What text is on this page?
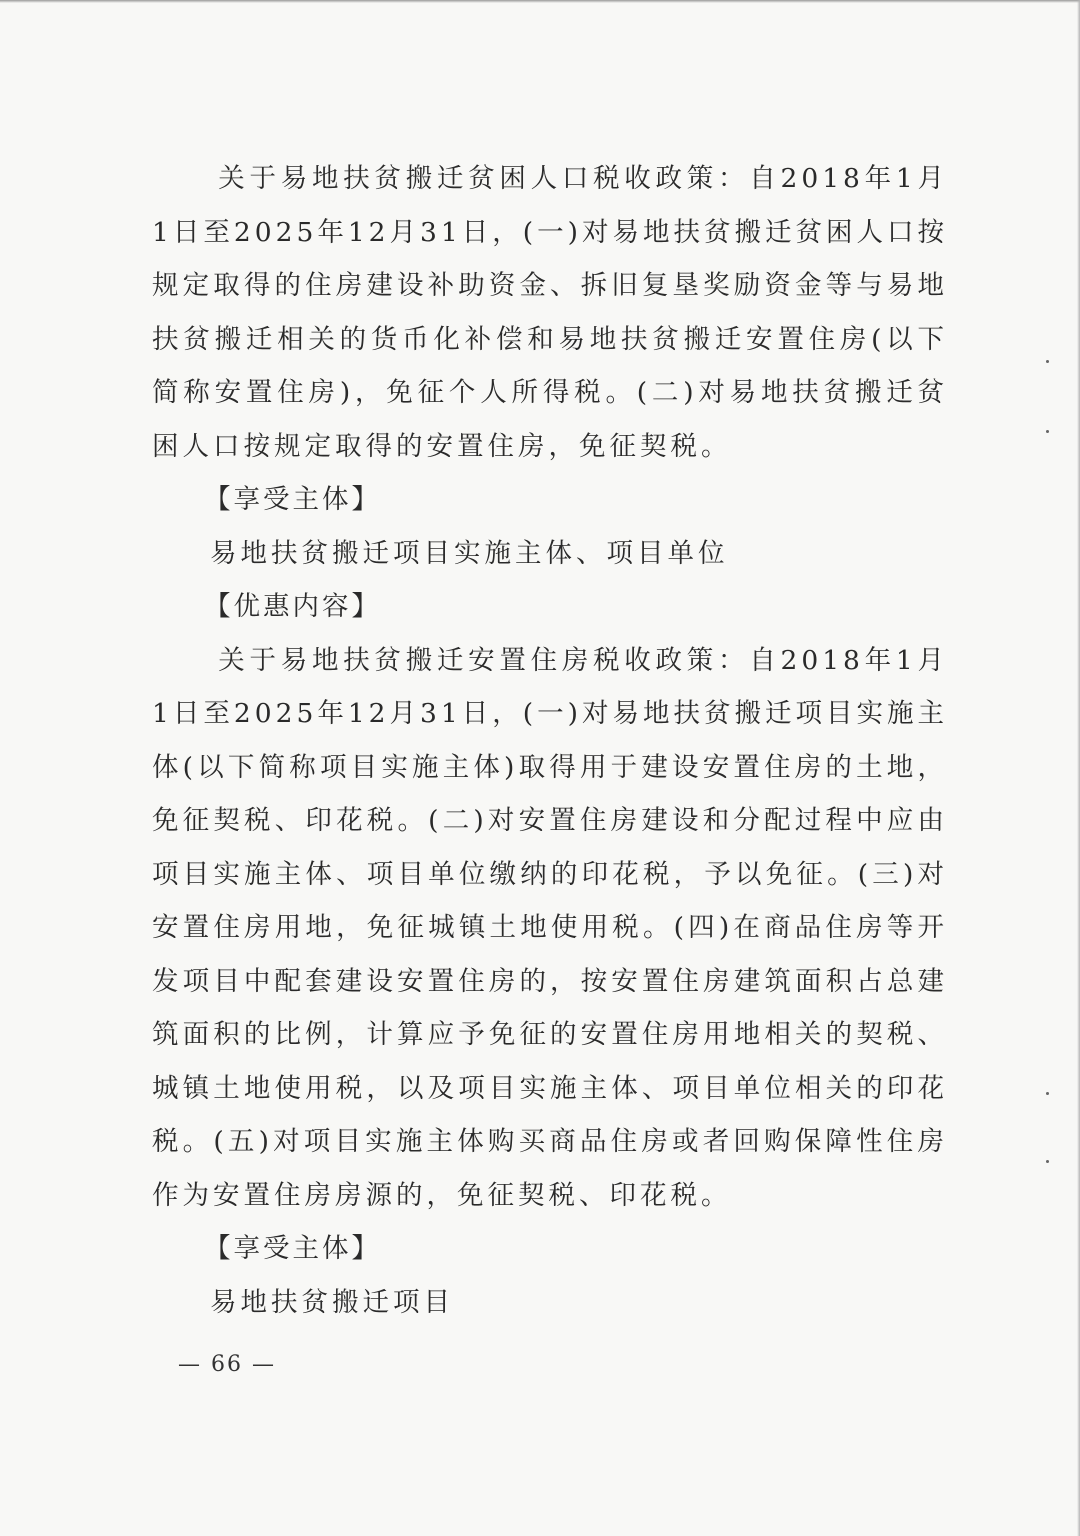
关于易地扶贫搬迁贫困人口税收政策：自2018年1月1日至2025年12月31日，(一)对易地扶贫搬迁贫困人口按规定取得的住房建设补助资金、拆旧复垦奖励资金等与易地扶贫搬迁相关的货币化补偿和易地扶贫搬迁安置住房(以下简称安置住房)，免征个人所得税。(二)对易地扶贫搬迁贫困人口按规定取得的安置住房，免征契税。

【享受主体】

易地扶贫搬迁项目实施主体、项目单位

【优惠内容】

关于易地扶贫搬迁安置住房税收政策：自2018年1月1日至2025年12月31日，(一)对易地扶贫搬迁项目实施主体(以下简称项目实施主体)取得用于建设安置住房的土地，免征契税、印花税。(二)对安置住房建设和分配过程中应由项目实施主体、项目单位缴纳的印花税，予以免征。(三)对安置住房用地，免征城镇土地使用税。(四)在商品住房等开发项目中配套建设安置住房的，按安置住房建筑面积占总建筑面积的比例，计算应予免征的安置住房用地相关的契税、城镇土地使用税，以及项目实施主体、项目单位相关的印花税。(五)对项目实施主体购买商品住房或者回购保障性住房作为安置住房房源的，免征契税、印花税。

【享受主体】

易地扶贫搬迁项目

— 66 —
